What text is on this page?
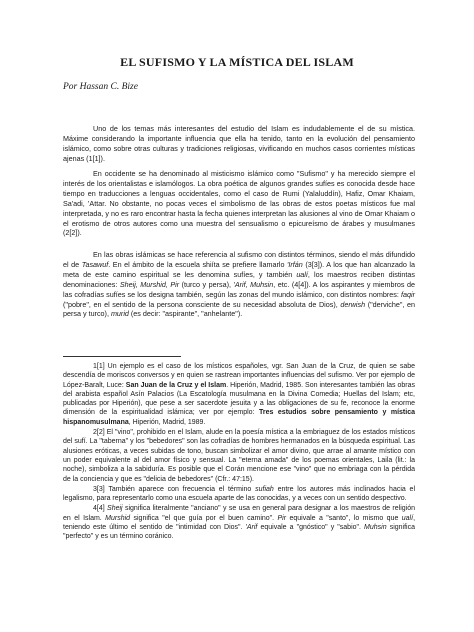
EL SUFISMO Y LA MÍSTICA DEL ISLAM
Por Hassan C. Bize

Uno de los temas más interesantes del estudio del Islam es indudablemente el de su mística. Máxime considerando la importante influencia que ella ha tenido, tanto en la evolución del pensamiento islámico, como sobre otras culturas y tradiciones religiosas, vivificando en muchos casos corrientes místicas ajenas (1[1]).

En occidente se ha denominado al misticismo islámico como "Sufismo" y ha merecido siempre el interés de los orientalistas e islamólogos. La obra poética de algunos grandes sufíes es conocida desde hace tiempo en traducciones a lenguas occidentales, como el caso de Rumi (Yalaluddín), Hafiz, Omar Khaiam, Sa'adi, 'Attar. No obstante, no pocas veces el simbolismo de las obras de estos poetas místicos fue mal interpretada, y no es raro encontrar hasta la fecha quienes interpretan las alusiones al vino de Omar Khaiam o el erotismo de otros autores como una muestra del sensualismo o epicureísmo de árabes y musulmanes (2[2]).

En las obras islámicas se hace referencia al sufismo con distintos términos, siendo el más difundido el de Tasawuf. En el ámbito de la escuela shiíta se prefiere llamarlo 'Irfán (3[3]). A los que han alcanzado la meta de este camino espiritual se les denomina sufíes, y también ualí, los maestros reciben distintas denominaciones: Sheij, Murshid, Pir (turco y persa), 'Arif, Muhsin, etc. (4[4]). A los aspirantes y miembros de las cofradías sufíes se los designa también, según las zonas del mundo islámico, con distintos nombres: faqir ("pobre", en el sentido de la persona consciente de su necesidad absoluta de Dios), derwish ("derviche", en persa y turco), murid (es decir: "aspirante", "anhelante").

1[1] Un ejemplo es el caso de los místicos españoles, vgr. San Juan de la Cruz, de quien se sabe descendía de moriscos conversos y en quien se rastrean importantes influencias del sufismo. Ver por ejemplo de López-Baralt, Luce: San Juan de la Cruz y el Islam. Hiperión, Madrid, 1985. Son interesantes también las obras del arabista español Asín Palacios (La Escatología musulmana en la Divina Comedia; Huellas del Islam; etc, publicadas por Hiperión), que pese a ser sacerdote jesuita y a las obligaciones de su fe, reconoce la enorme dimensión de la espiritualidad islámica; ver por ejemplo: Tres estudios sobre pensamiento y mística hispanomusulmana, Hiperión, Madrid, 1989.

2[2] El "vino", prohibido en el Islam, alude en la poesía mística a la embriaguez de los estados místicos del sufí. La "taberna" y los "bebedores" son las cofradías de hombres hermanados en la búsqueda espiritual. Las alusiones eróticas, a veces subidas de tono, buscan simbolizar el amor divino, que arrae al amante místico con un poder equivalente al del amor físico y sensual. La "eterna amada" de los poemas orientales, Laila (lit.: la noche), simboliza a la sabiduría. Es posible que el Corán mencione ese "vino" que no embriaga con la pérdida de la conciencia y que es "delicia de bebedores" (Cfr.: 47:15).

3[3] También aparece con frecuencia el término sufiah entre los autores más inclinados hacia el legalismo, para representarlo como una escuela aparte de las conocidas, y a veces con un sentido despectivo.

4[4] Sheij significa literalmente "anciano" y se usa en general para designar a los maestros de religión en el Islam. Murshid significa "el que guía por el buen camino". Pir equivale a "santo", lo mismo que ualí, teniendo este último el sentido de "intimidad con Dios". 'Arif equivale a "gnóstico" y "sabio". Muhsin significa "perfecto" y es un término coránico.
